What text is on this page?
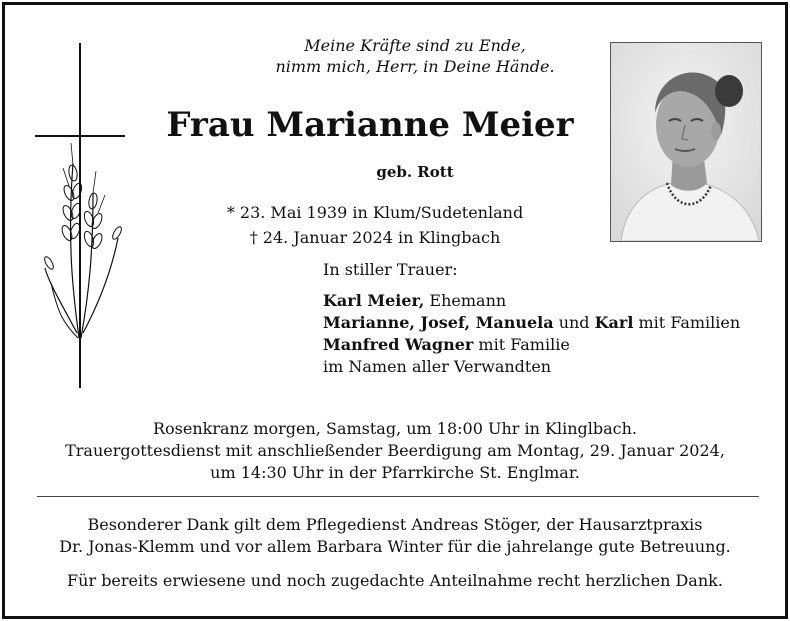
Meine Kräfte sind zu Ende,
nimm mich, Herr, in Deine Hände.
Frau Marianne Meier
geb. Rott
* 23. Mai 1939 in Klum/Sudetenland
† 24. Januar 2024 in Klingbach
In stiller Trauer:
Karl Meier, Ehemann
Marianne, Josef, Manuela und Karl mit Familien
Manfred Wagner mit Familie
im Namen aller Verwandten
Rosenkranz morgen, Samstag, um 18:00 Uhr in Klinglbach.
Trauergottesdienst mit anschließender Beerdigung am Montag, 29. Januar 2024,
um 14:30 Uhr in der Pfarrkirche St. Englmar.
Besonderer Dank gilt dem Pflegedienst Andreas Stöger, der Hausarztpraxis
Dr. Jonas-Klemm und vor allem Barbara Winter für die jahrelange gute Betreuung.
Für bereits erwiesene und noch zugedachte Anteilnahme recht herzlichen Dank.
